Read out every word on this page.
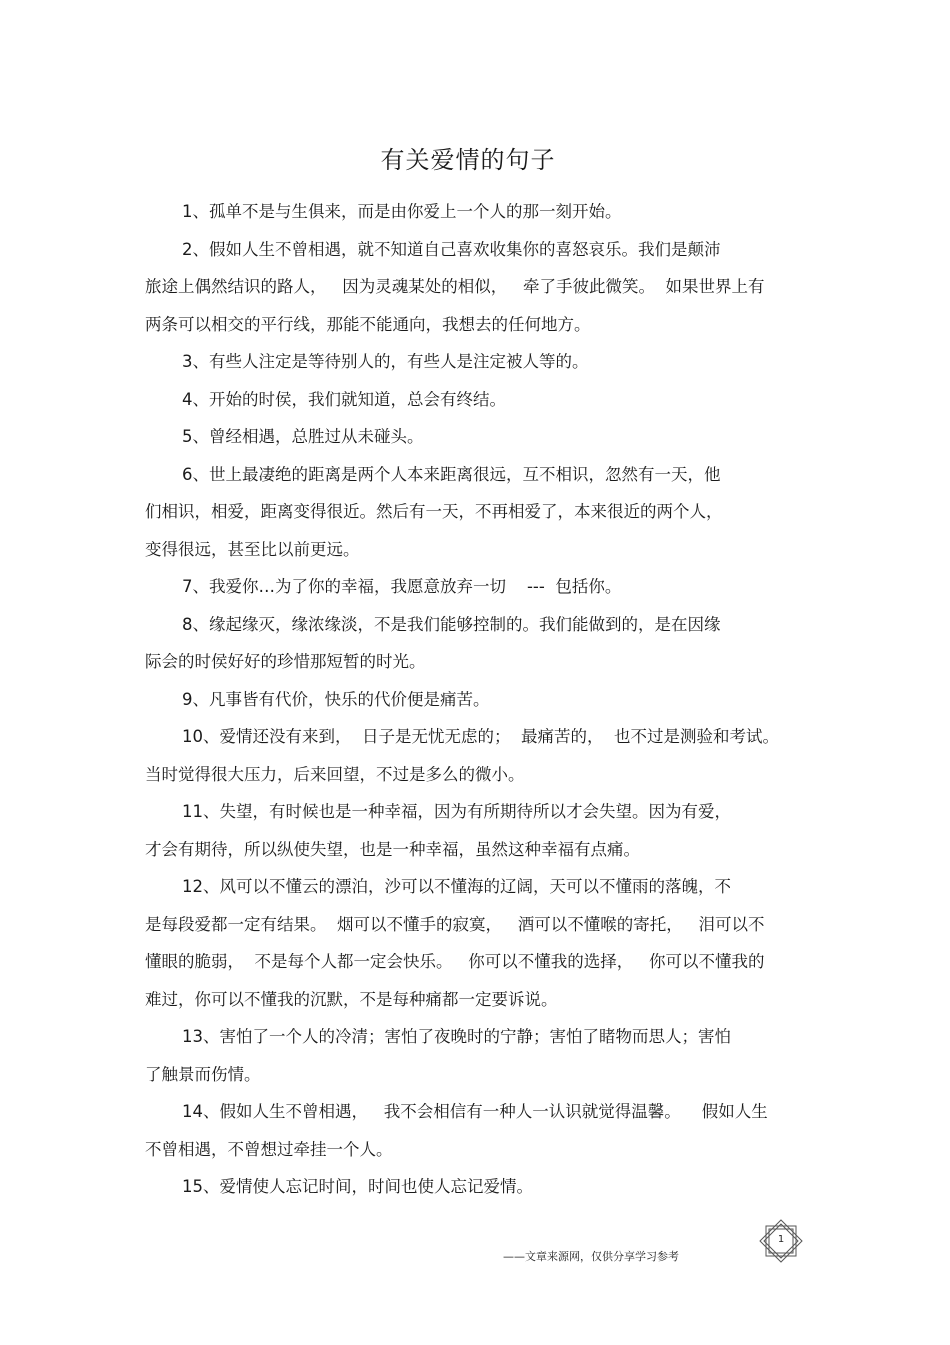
有关爱情的句子
1、孤单不是与生俱来，而是由你爱上一个人的那一刻开始。
2、假如人生不曾相遇，就不知道自己喜欢收集你的喜怒哀乐。我们是颠沛
旅途上偶然结识的路人，   因为灵魂某处的相似，   牵了手彼此微笑。  如果世界上有
两条可以相交的平行线，那能不能通向，我想去的任何地方。
3、有些人注定是等待别人的，有些人是注定被人等的。
4、开始的时侯，我们就知道，总会有终结。
5、曾经相遇，总胜过从未碰头。
6、世上最凄绝的距离是两个人本来距离很远，互不相识，忽然有一天，他
们相识，相爱，距离变得很近。然后有一天，不再相爱了，本来很近的两个人，
变得很远，甚至比以前更远。
7、我爱你…为了你的幸福，我愿意放弃一切    ---  包括你。
8、缘起缘灭，缘浓缘淡，不是我们能够控制的。我们能做到的，是在因缘
际会的时侯好好的珍惜那短暂的时光。
9、凡事皆有代价，快乐的代价便是痛苦。
10、爱情还没有来到，  日子是无忧无虑的；  最痛苦的，  也不过是测验和考试。
当时觉得很大压力，后来回望，不过是多么的微小。
11、失望，有时候也是一种幸福，因为有所期待所以才会失望。因为有爱，
才会有期待，所以纵使失望，也是一种幸福，虽然这种幸福有点痛。
12、风可以不懂云的漂泊，沙可以不懂海的辽阔，天可以不懂雨的落魄，不
是每段爱都一定有结果。  烟可以不懂手的寂寞，   酒可以不懂喉的寄托，   泪可以不
懂眼的脆弱，  不是每个人都一定会快乐。   你可以不懂我的选择，   你可以不懂我的
难过，你可以不懂我的沉默，不是每种痛都一定要诉说。
13、害怕了一个人的冷清；害怕了夜晚时的宁静；害怕了睹物而思人；害怕
了触景而伤情。
14、假如人生不曾相遇，   我不会相信有一种人一认识就觉得温馨。    假如人生
不曾相遇，不曾想过牵挂一个人。
15、爱情使人忘记时间，时间也使人忘记爱情。
1
——文章来源网，仅供分享学习参考
